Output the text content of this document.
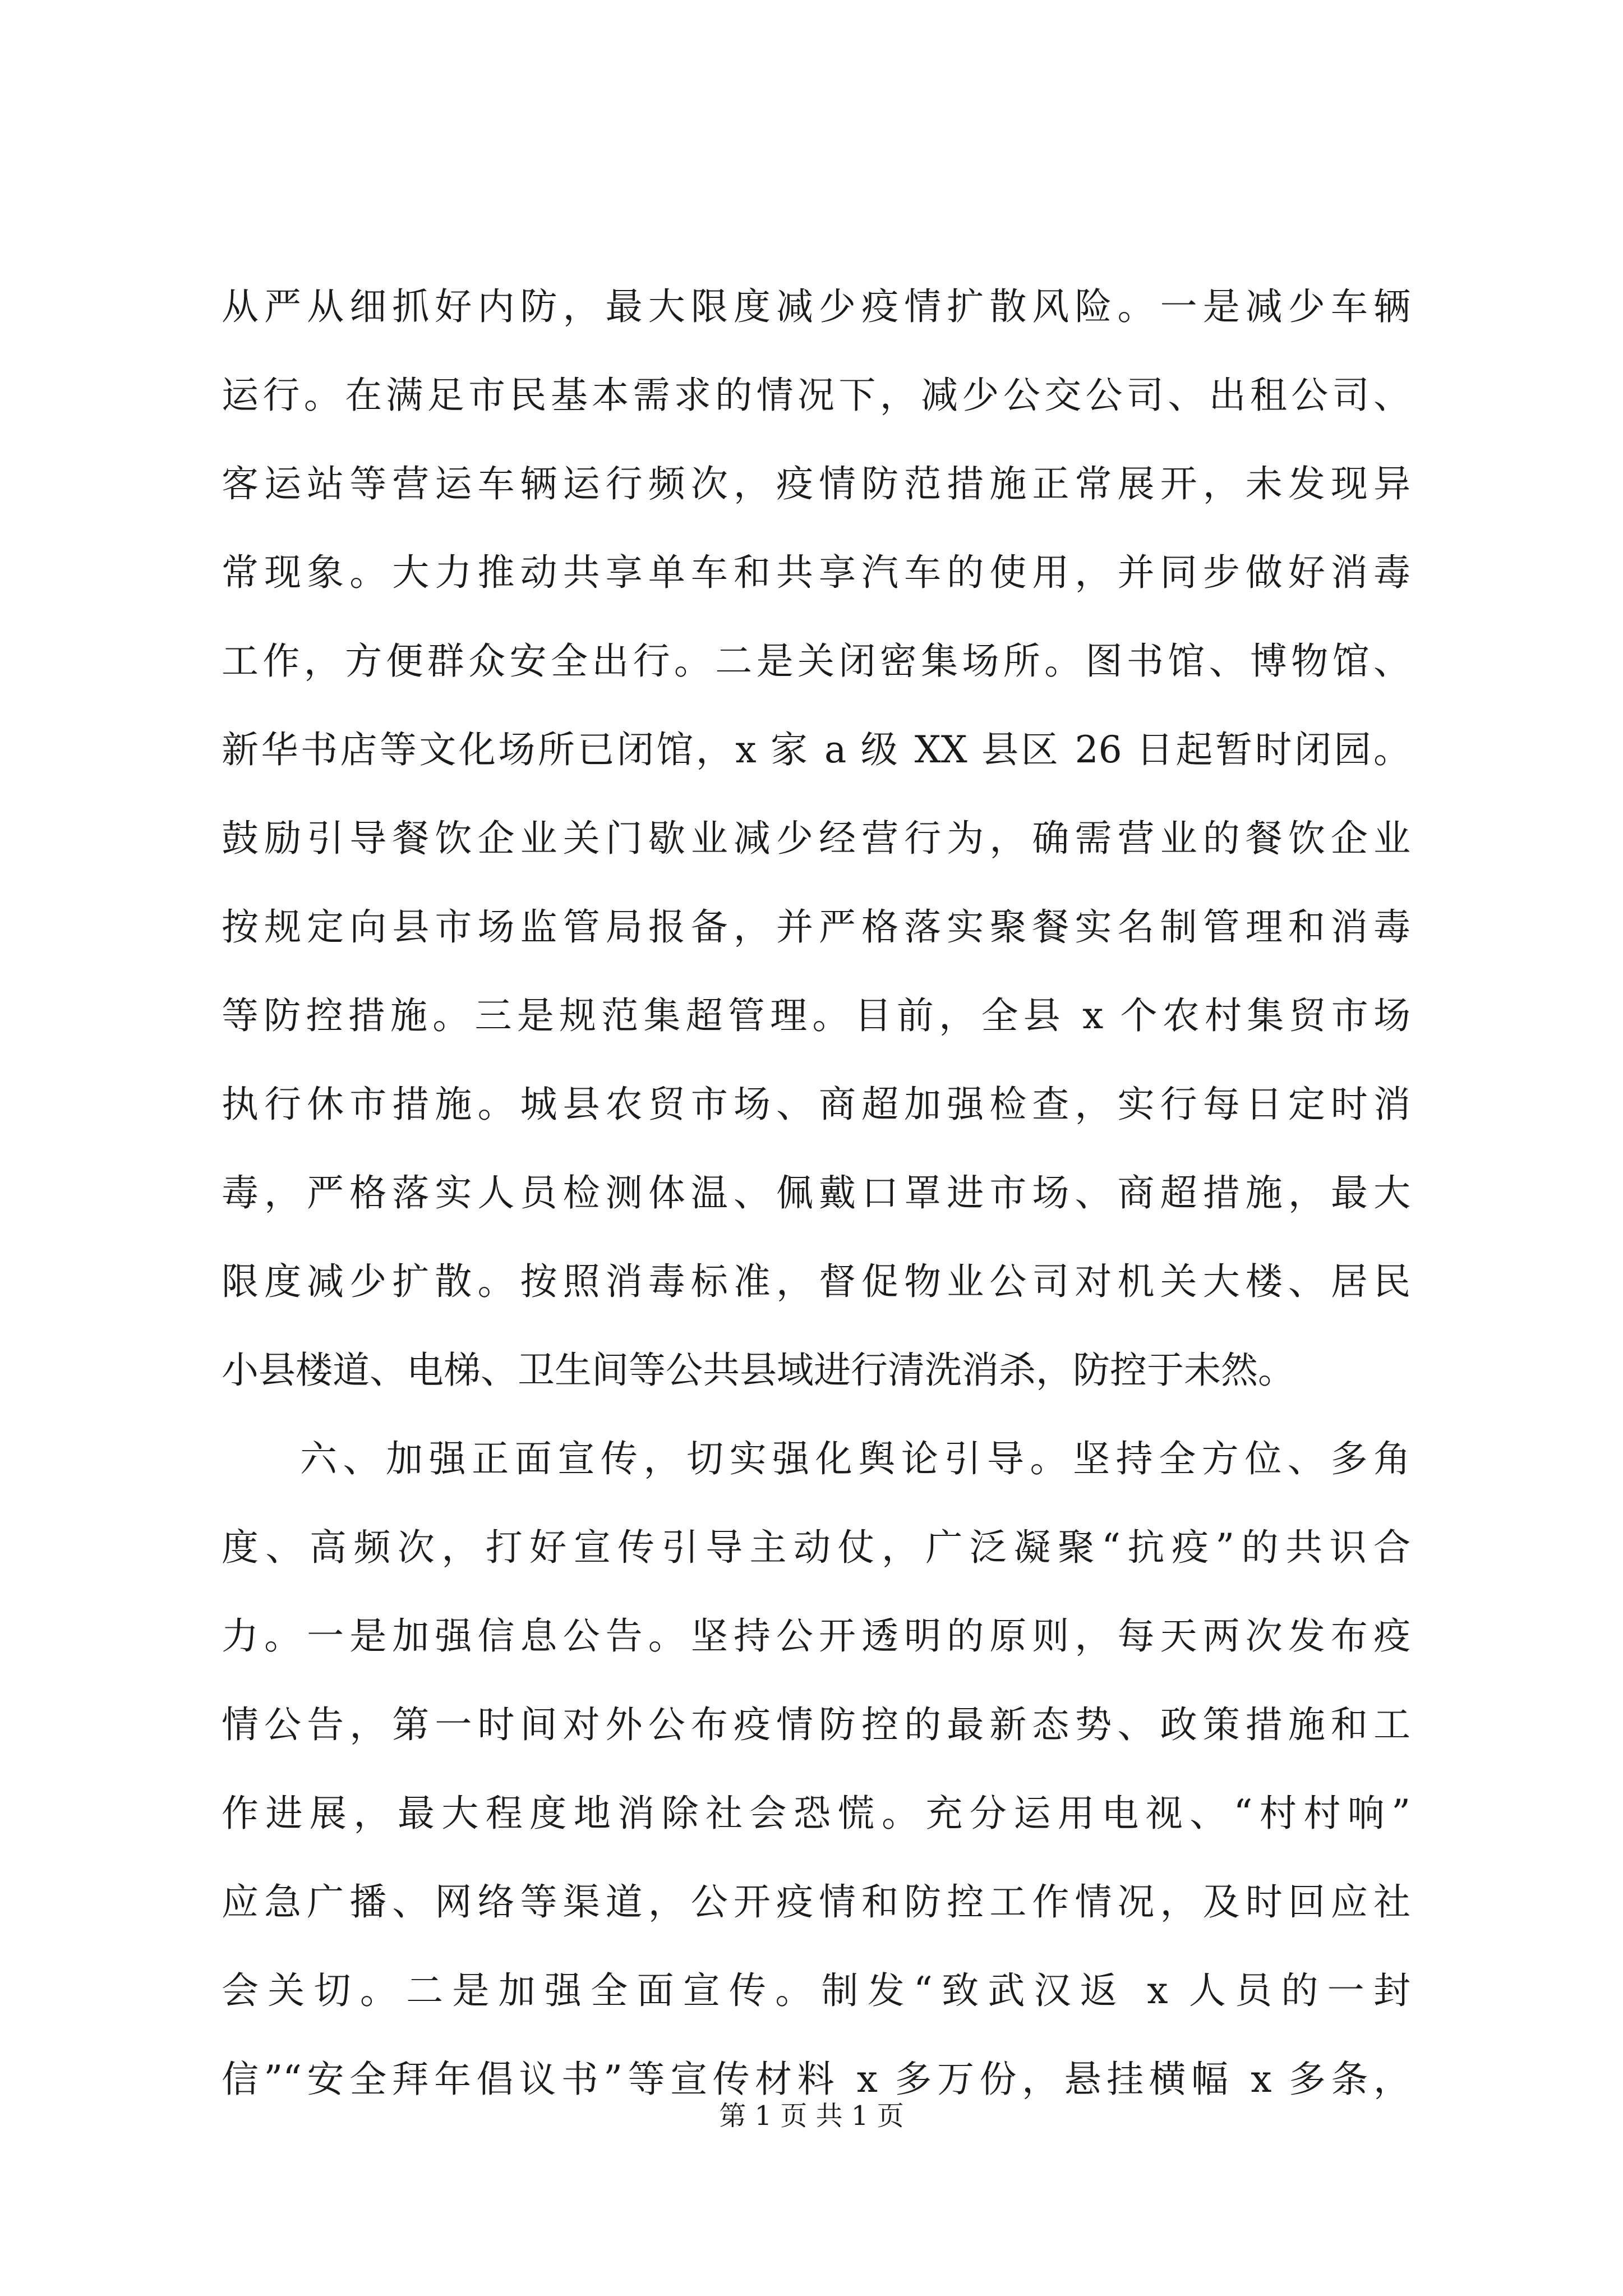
从严从细抓好内防，最大限度减少疫情扩散风险。一是减少车辆
运行。在满足市民基本需求的情况下，减少公交公司、出租公司、
客运站等营运车辆运行频次，疫情防范措施正常展开，未发现异
常现象。大力推动共享单车和共享汽车的使用，并同步做好消毒
工作，方便群众安全出行。二是关闭密集场所。图书馆、博物馆、
新华书店等文化场所已闭馆，x 家 a 级 XX 县区 26 日起暂时闭园。
鼓励引导餐饮企业关门歇业减少经营行为，确需营业的餐饮企业
按规定向县市场监管局报备，并严格落实聚餐实名制管理和消毒
等防控措施。三是规范集超管理。目前，全县 x 个农村集贸市场
执行休市措施。城县农贸市场、商超加强检查，实行每日定时消
毒，严格落实人员检测体温、佩戴口罩进市场、商超措施，最大
限度减少扩散。按照消毒标准，督促物业公司对机关大楼、居民
小县楼道、电梯、卫生间等公共县域进行清洗消杀，防控于未然。
六、加强正面宣传，切实强化舆论引导。坚持全方位、多角
度、高频次，打好宣传引导主动仗，广泛凝聚“抗疫”的共识合
力。一是加强信息公告。坚持公开透明的原则，每天两次发布疫
情公告，第一时间对外公布疫情防控的最新态势、政策措施和工
作进展，最大程度地消除社会恐慌。充分运用电视、“村村响”
应急广播、网络等渠道，公开疫情和防控工作情况，及时回应社
会关切。二是加强全面宣传。制发“致武汉返 x 人员的一封
信”“安全拜年倡议书”等宣传材料 x 多万份，悬挂横幅 x 多条，
第 1 页 共 1 页
